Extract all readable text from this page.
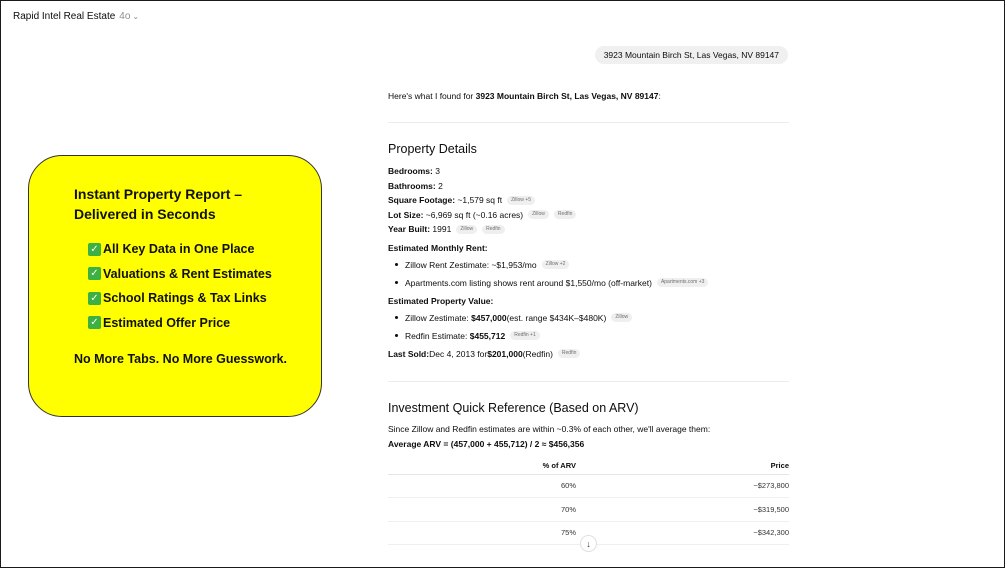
Rapid Intel Real Estate 4o ⌄
Instant Property Report – Delivered in Seconds
✓ All Key Data in One Place
✓ Valuations & Rent Estimates
✓ School Ratings & Tax Links
✓ Estimated Offer Price
No More Tabs. No More Guesswork.
3923 Mountain Birch St, Las Vegas, NV 89147
Here's what I found for 3923 Mountain Birch St, Las Vegas, NV 89147:
Property Details
Bedrooms:
3
Bathrooms:
2
Square Footage:
~1,579 sq ft	Zillow +5
Lot Size:
~6,969 sq ft (~0.16 acres)	Zillow	Redfin
Year Built:
1991	Zillow	Redfin
Estimated Monthly Rent:
Zillow Rent Zestimate: ~$1,953/mo	Zillow +2
Apartments.com listing shows rent around $1,550/mo (off-market)	Apartments.com +3
Estimated Property Value:
Zillow Zestimate:
$457,000 (est. range $434K–$480K)	Zillow
Redfin Estimate:
$455,712	Redfin +1
Last Sold: Dec 4, 2013 for $201,000 (Redfin)	Redfin
Investment Quick Reference (Based on ARV)
Since Zillow and Redfin estimates are within ~0.3% of each other, we'll average them:
Average ARV = (457,000 + 455,712) / 2 ≈ $456,356
% of ARV	Price
60%	~$273,800
70%	~$319,500
75%	~$342,300
↓
